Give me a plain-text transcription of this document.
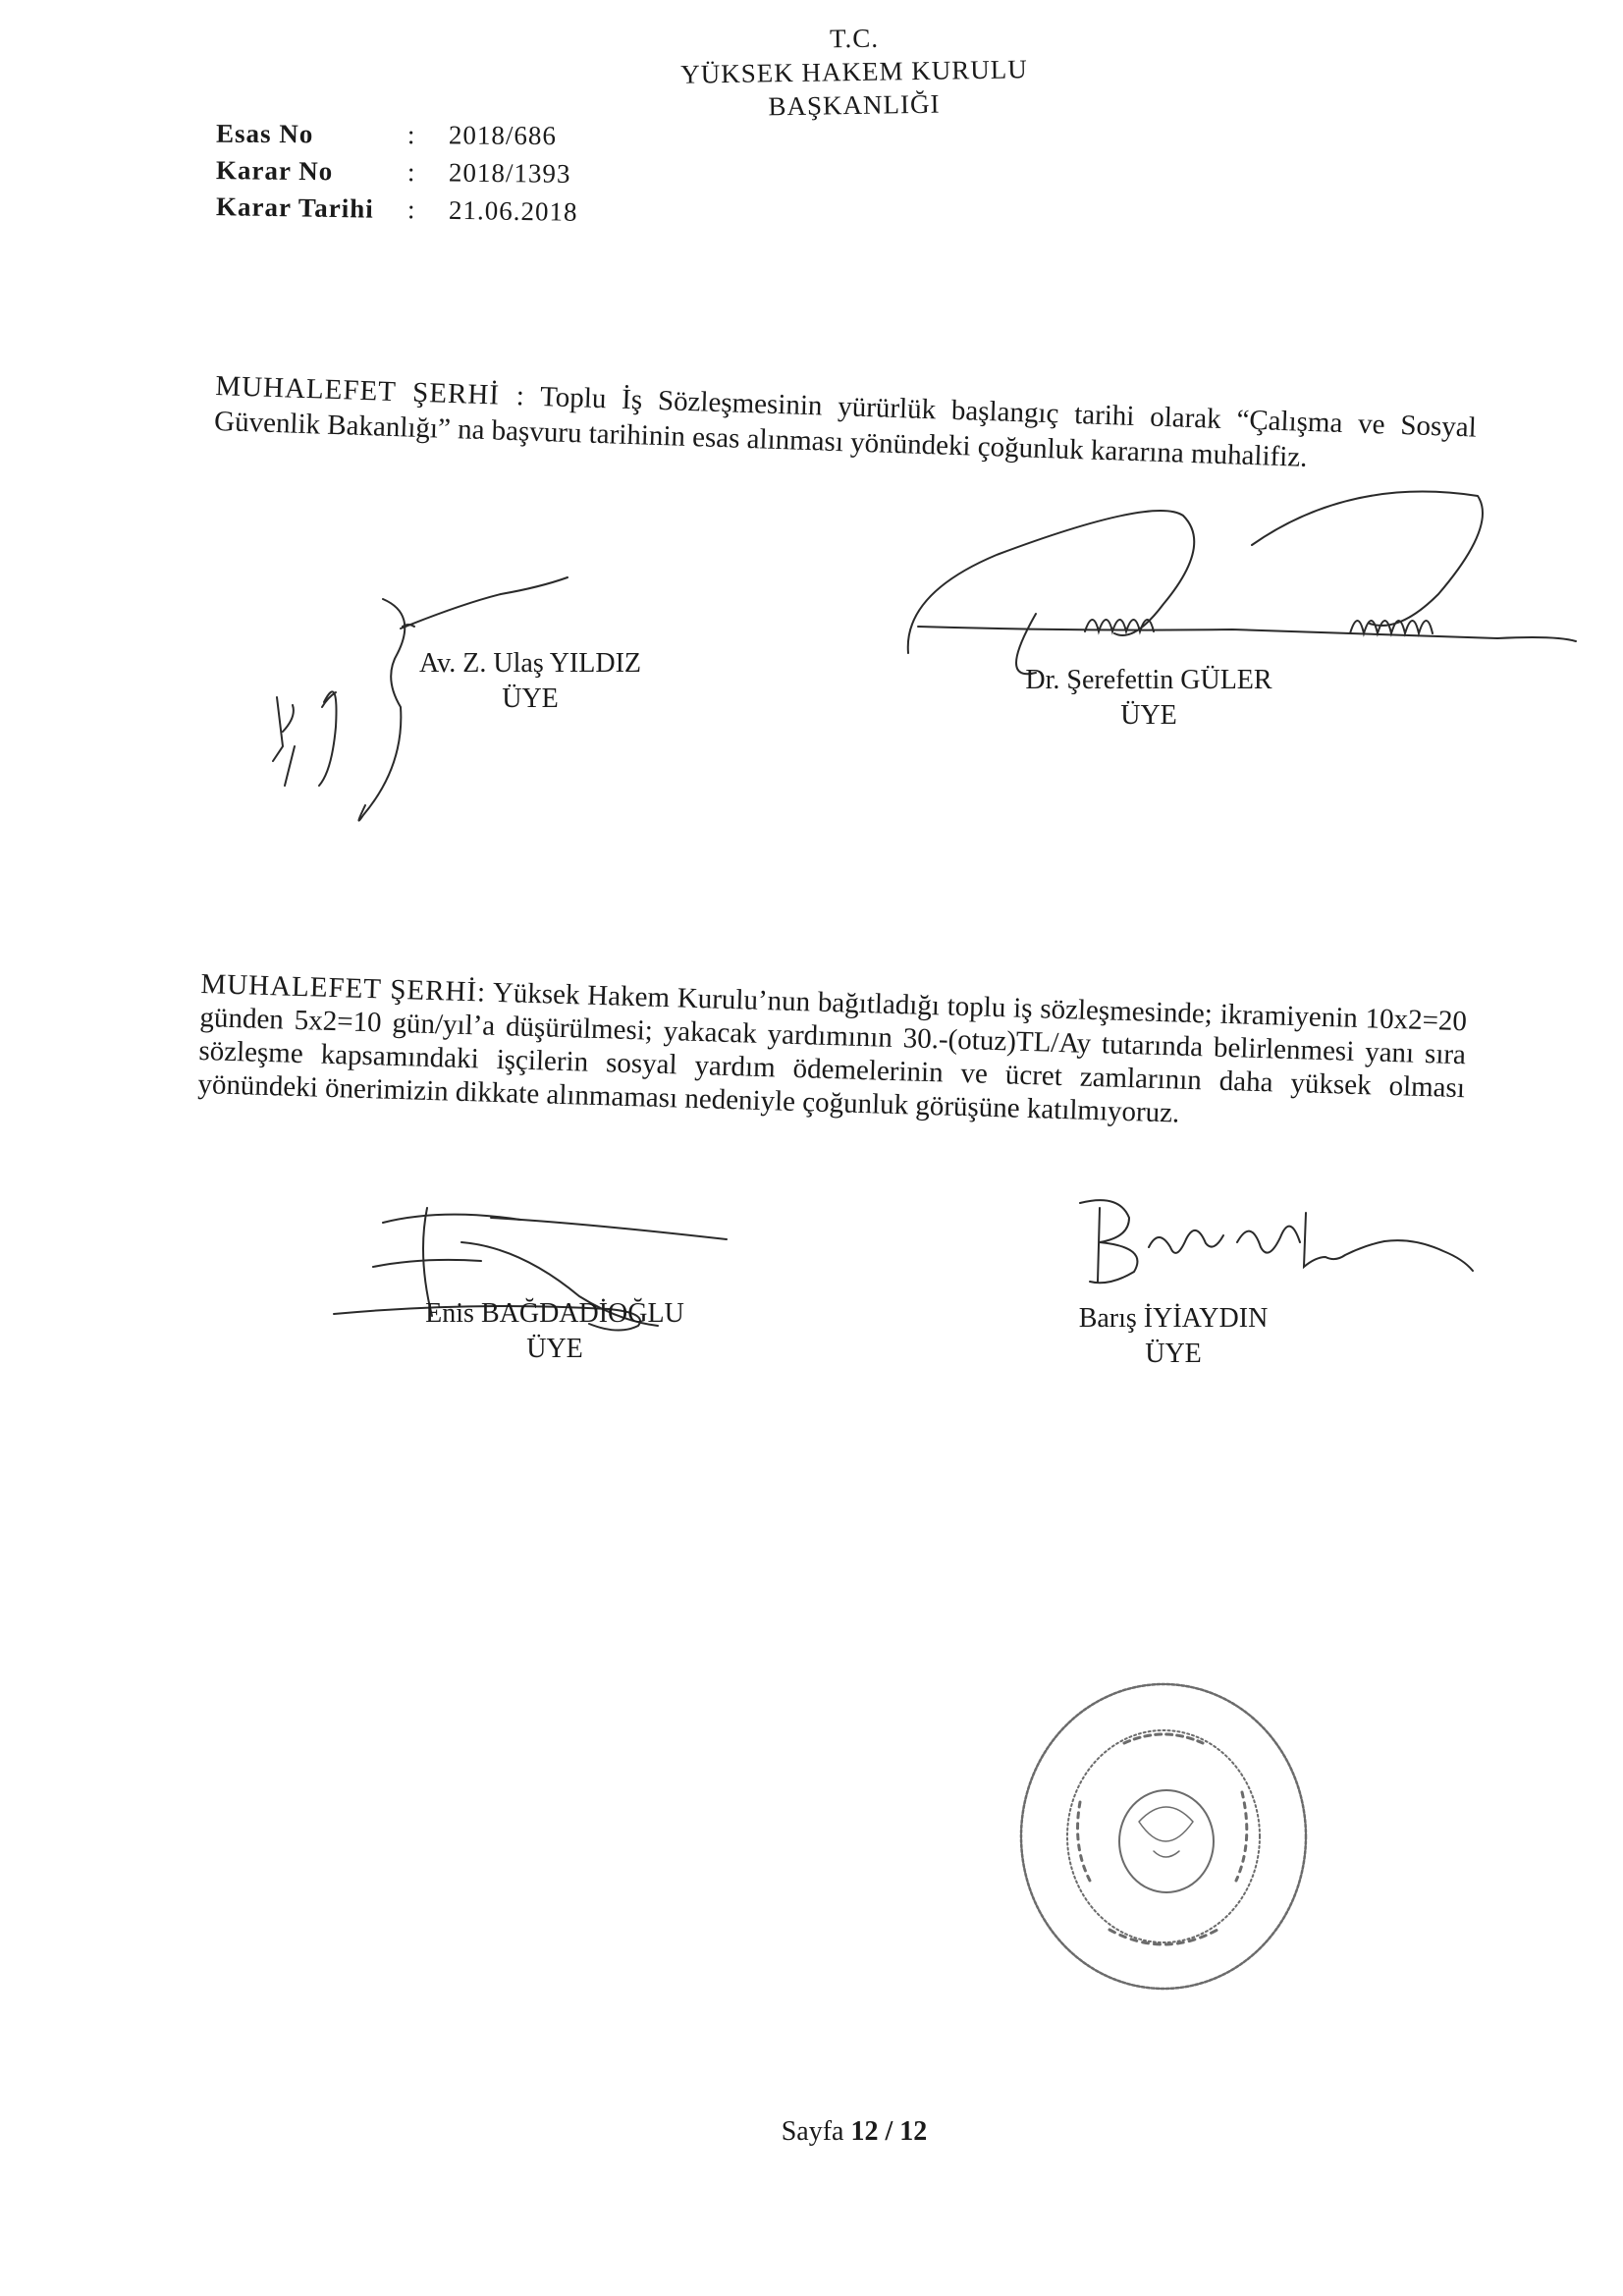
T.C.
YÜKSEK HAKEM KURULU
BAŞKANLIĞI
Esas No	:	2018/686
Karar No	:	2018/1393
Karar Tarihi	:	21.06.2018
MUHALEFET ŞERHİ : Toplu İş Sözleşmesinin yürürlük başlangıç tarihi olarak “Çalışma ve Sosyal Güvenlik Bakanlığı” na başvuru tarihinin esas alınması yönündeki çoğunluk kararına muhalifiz.
Av. Z. Ulaş YILDIZ
ÜYE
Dr. Şerefettin GÜLER
ÜYE
MUHALEFET ŞERHİ: Yüksek Hakem Kurulu’nun bağıtladığı toplu iş sözleşmesinde; ikramiyenin 10x2=20 günden 5x2=10 gün/yıl’a düşürülmesi; yakacak yardımının 30.-(otuz)TL/Ay tutarında belirlenmesi yanı sıra sözleşme kapsamındaki işçilerin sosyal yardım ödemelerinin ve ücret zamlarının daha yüksek olması yönündeki önerimizin dikkate alınmaması nedeniyle çoğunluk görüşüne katılmıyoruz.
Enis BAĞDADİOĞLU
ÜYE
Barış İYİAYDIN
ÜYE
Sayfa 12 / 12
